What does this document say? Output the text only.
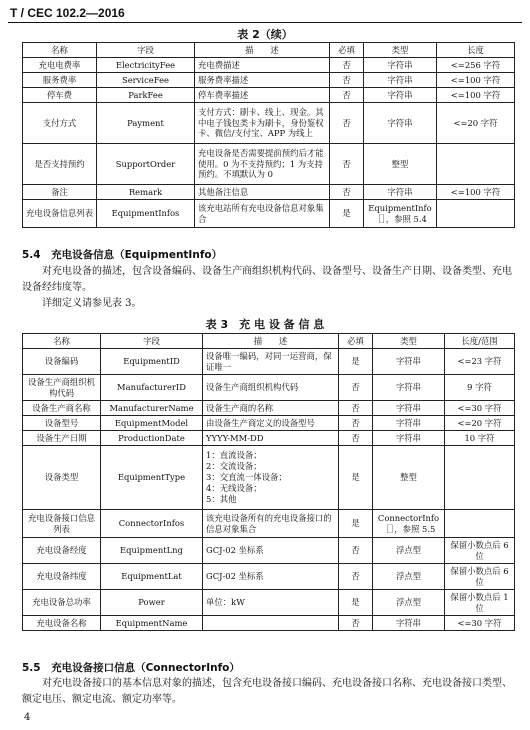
T / CEC 102.2—2016
表 2（续）
名称	字段	描　　述	必填	类型	长度
充电电费率	ElectricityFee	充电费描述	否	字符串	<=256 字符
服务费率	ServiceFee	服务费率描述	否	字符串	<=100 字符
停车费	ParkFee	停车费率描述	否	字符串	<=100 字符
支付方式	Payment	支付方式：刷卡、线上、现金。其中电子钱包类卡为刷卡，身份鉴权卡、微信/支付宝、APP 为线上	否	字符串	<=20 字符
是否支持预约	SupportOrder	充电设备是否需要提前预约后才能使用。0 为不支持预约；1 为支持预约。不填默认为 0	否	整型	
备注	Remark	其他备注信息	否	字符串	<=100 字符
充电设备信息列表	EquipmentInfos	该充电站所有充电设备信息对象集合	是	EquipmentInfo［］，参照 5.4	
5.4　充电设备信息（EquipmentInfo）
对充电设备的描述，包含设备编码、设备生产商组织机构代码、设备型号、设备生产日期、设备类型、充电设备经纬度等。
详细定义请参见表 3。
表 3　充 电 设 备 信 息
名称	字段	描　　述	必填	类型	长度/范围
设备编码	EquipmentID	设备唯一编码，对同一运营商，保证唯一	是	字符串	<=23 字符
设备生产商组织机构代码	ManufacturerID	设备生产商组织机构代码	否	字符串	9 字符
设备生产商名称	ManufacturerName	设备生产商的名称	否	字符串	<=30 字符
设备型号	EquipmentModel	由设备生产商定义的设备型号	否	字符串	<=20 字符
设备生产日期	ProductionDate	YYYY-MM-DD	否	字符串	10 字符
设备类型	EquipmentType	1：直流设备；
2：交流设备；
3：交直流一体设备；
4：无线设备；
5：其他	是	整型	
充电设备接口信息列表	ConnectorInfos	该充电设备所有的充电设备接口的信息对象集合	是	ConnectorInfo［］，参照 5.5	
充电设备经度	EquipmentLng	GCJ-02 坐标系	否	浮点型	保留小数点后 6 位
充电设备纬度	EquipmentLat	GCJ-02 坐标系	否	浮点型	保留小数点后 6 位
充电设备总功率	Power	单位：kW	是	浮点型	保留小数点后 1 位
充电设备名称	EquipmentName		否	字符串	<=30 字符
5.5　充电设备接口信息（ConnectorInfo）
对充电设备接口的基本信息对象的描述，包含充电设备接口编码、充电设备接口名称、充电设备接口类型、额定电压、额定电流、额定功率等。
4
